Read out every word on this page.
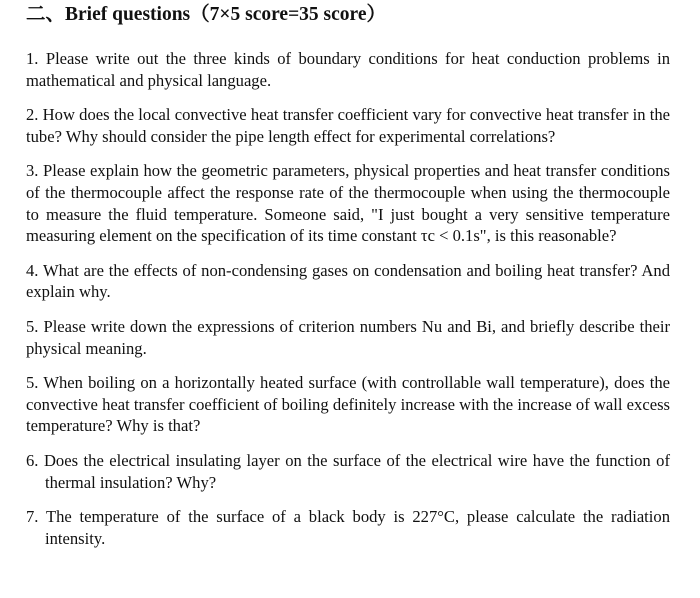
二、Brief questions（7×5 score=35 score）

1. Please write out the three kinds of boundary conditions for heat conduction problems in mathematical and physical language.

2. How does the local convective heat transfer coefficient vary for convective heat transfer in the tube? Why should consider the pipe length effect for experimental correlations?

3. Please explain how the geometric parameters, physical properties and heat transfer conditions of the thermocouple affect the response rate of the thermocouple when using the thermocouple to measure the fluid temperature. Someone said, "I just bought a very sensitive temperature measuring element on the specification of its time constant τc < 0.1s", is this reasonable?

4. What are the effects of non-condensing gases on condensation and boiling heat transfer? And explain why.

5. Please write down the expressions of criterion numbers Nu and Bi, and briefly describe their physical meaning.

5. When boiling on a horizontally heated surface (with controllable wall temperature), does the convective heat transfer coefficient of boiling definitely increase with the increase of wall excess temperature? Why is that?

6. Does the electrical insulating layer on the surface of the electrical wire have the function of thermal insulation? Why?

7. The temperature of the surface of a black body is 227°C, please calculate the radiation intensity.
